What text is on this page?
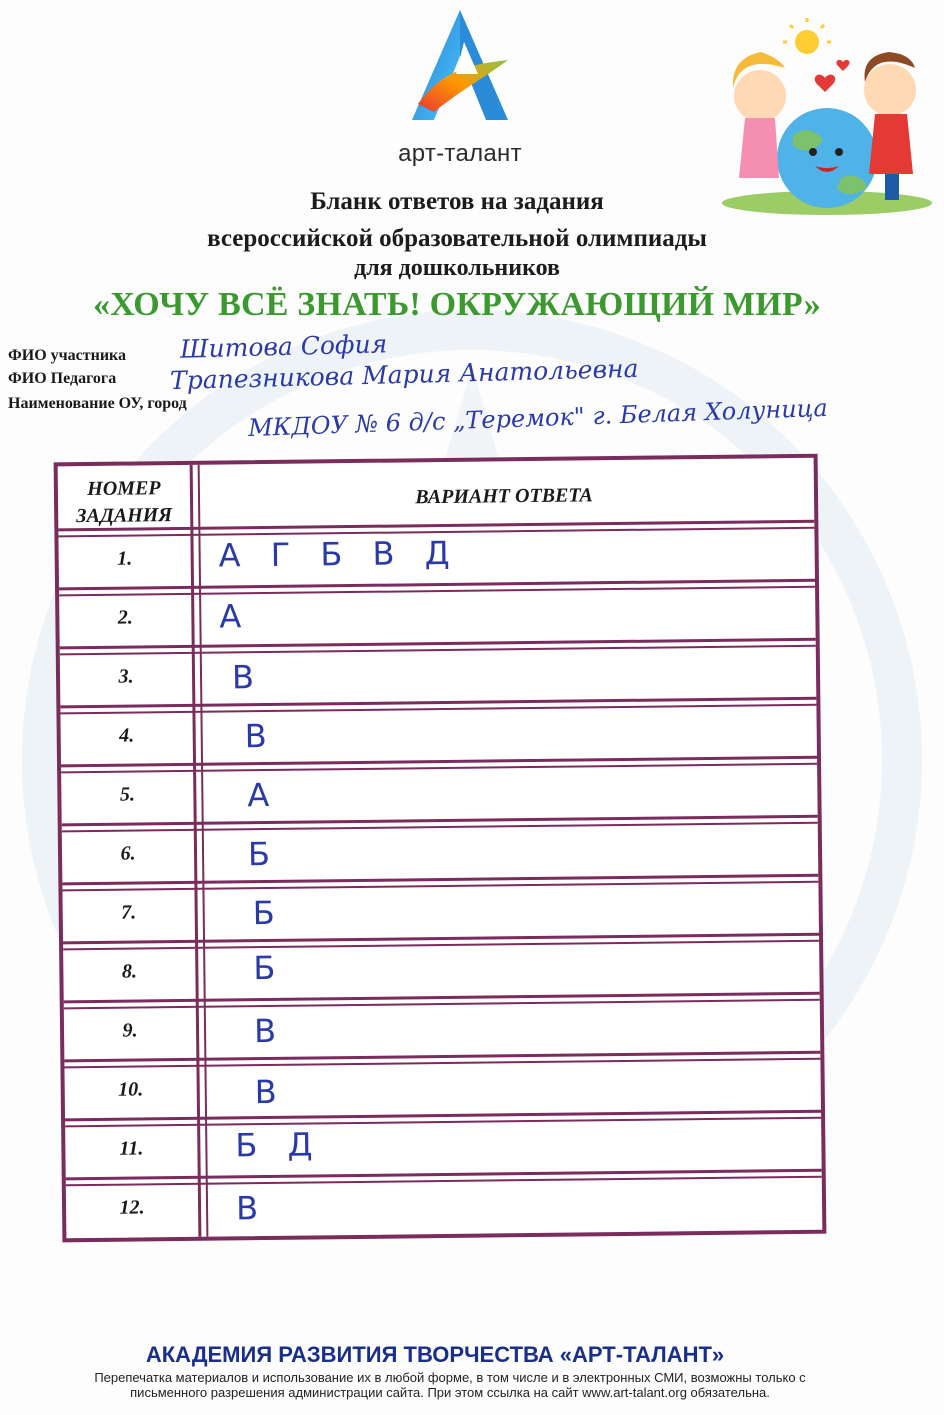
арт-талант
Бланк ответов на задания
всероссийской образовательной олимпиады
для дошкольников
«ХОЧУ ВСЁ ЗНАТЬ! ОКРУЖАЮЩИЙ МИР»
ФИО участника
ФИО Педагога
Наименование ОУ, город
Шитова София
Трапезникова Мария Анатольевна
МКДОУ № 6 д/с „Теремок" г. Белая Холуница
НОМЕР
ЗАДАНИЯ
ВАРИАНТ ОТВЕТА
1.	А Г Б В Д
2.	А
3.	В
4.	В
5.	А
6.	Б
7.	Б
8.	Б
9.	В
10.	В
11.	Б Д
12.	В
АКАДЕМИЯ РАЗВИТИЯ ТВОРЧЕСТВА «АРТ-ТАЛАНТ»
Перепечатка материалов и использование их в любой форме, в том числе и в электронных СМИ, возможны только с
письменного разрешения администрации сайта. При этом ссылка на сайт www.art-talant.org обязательна.
